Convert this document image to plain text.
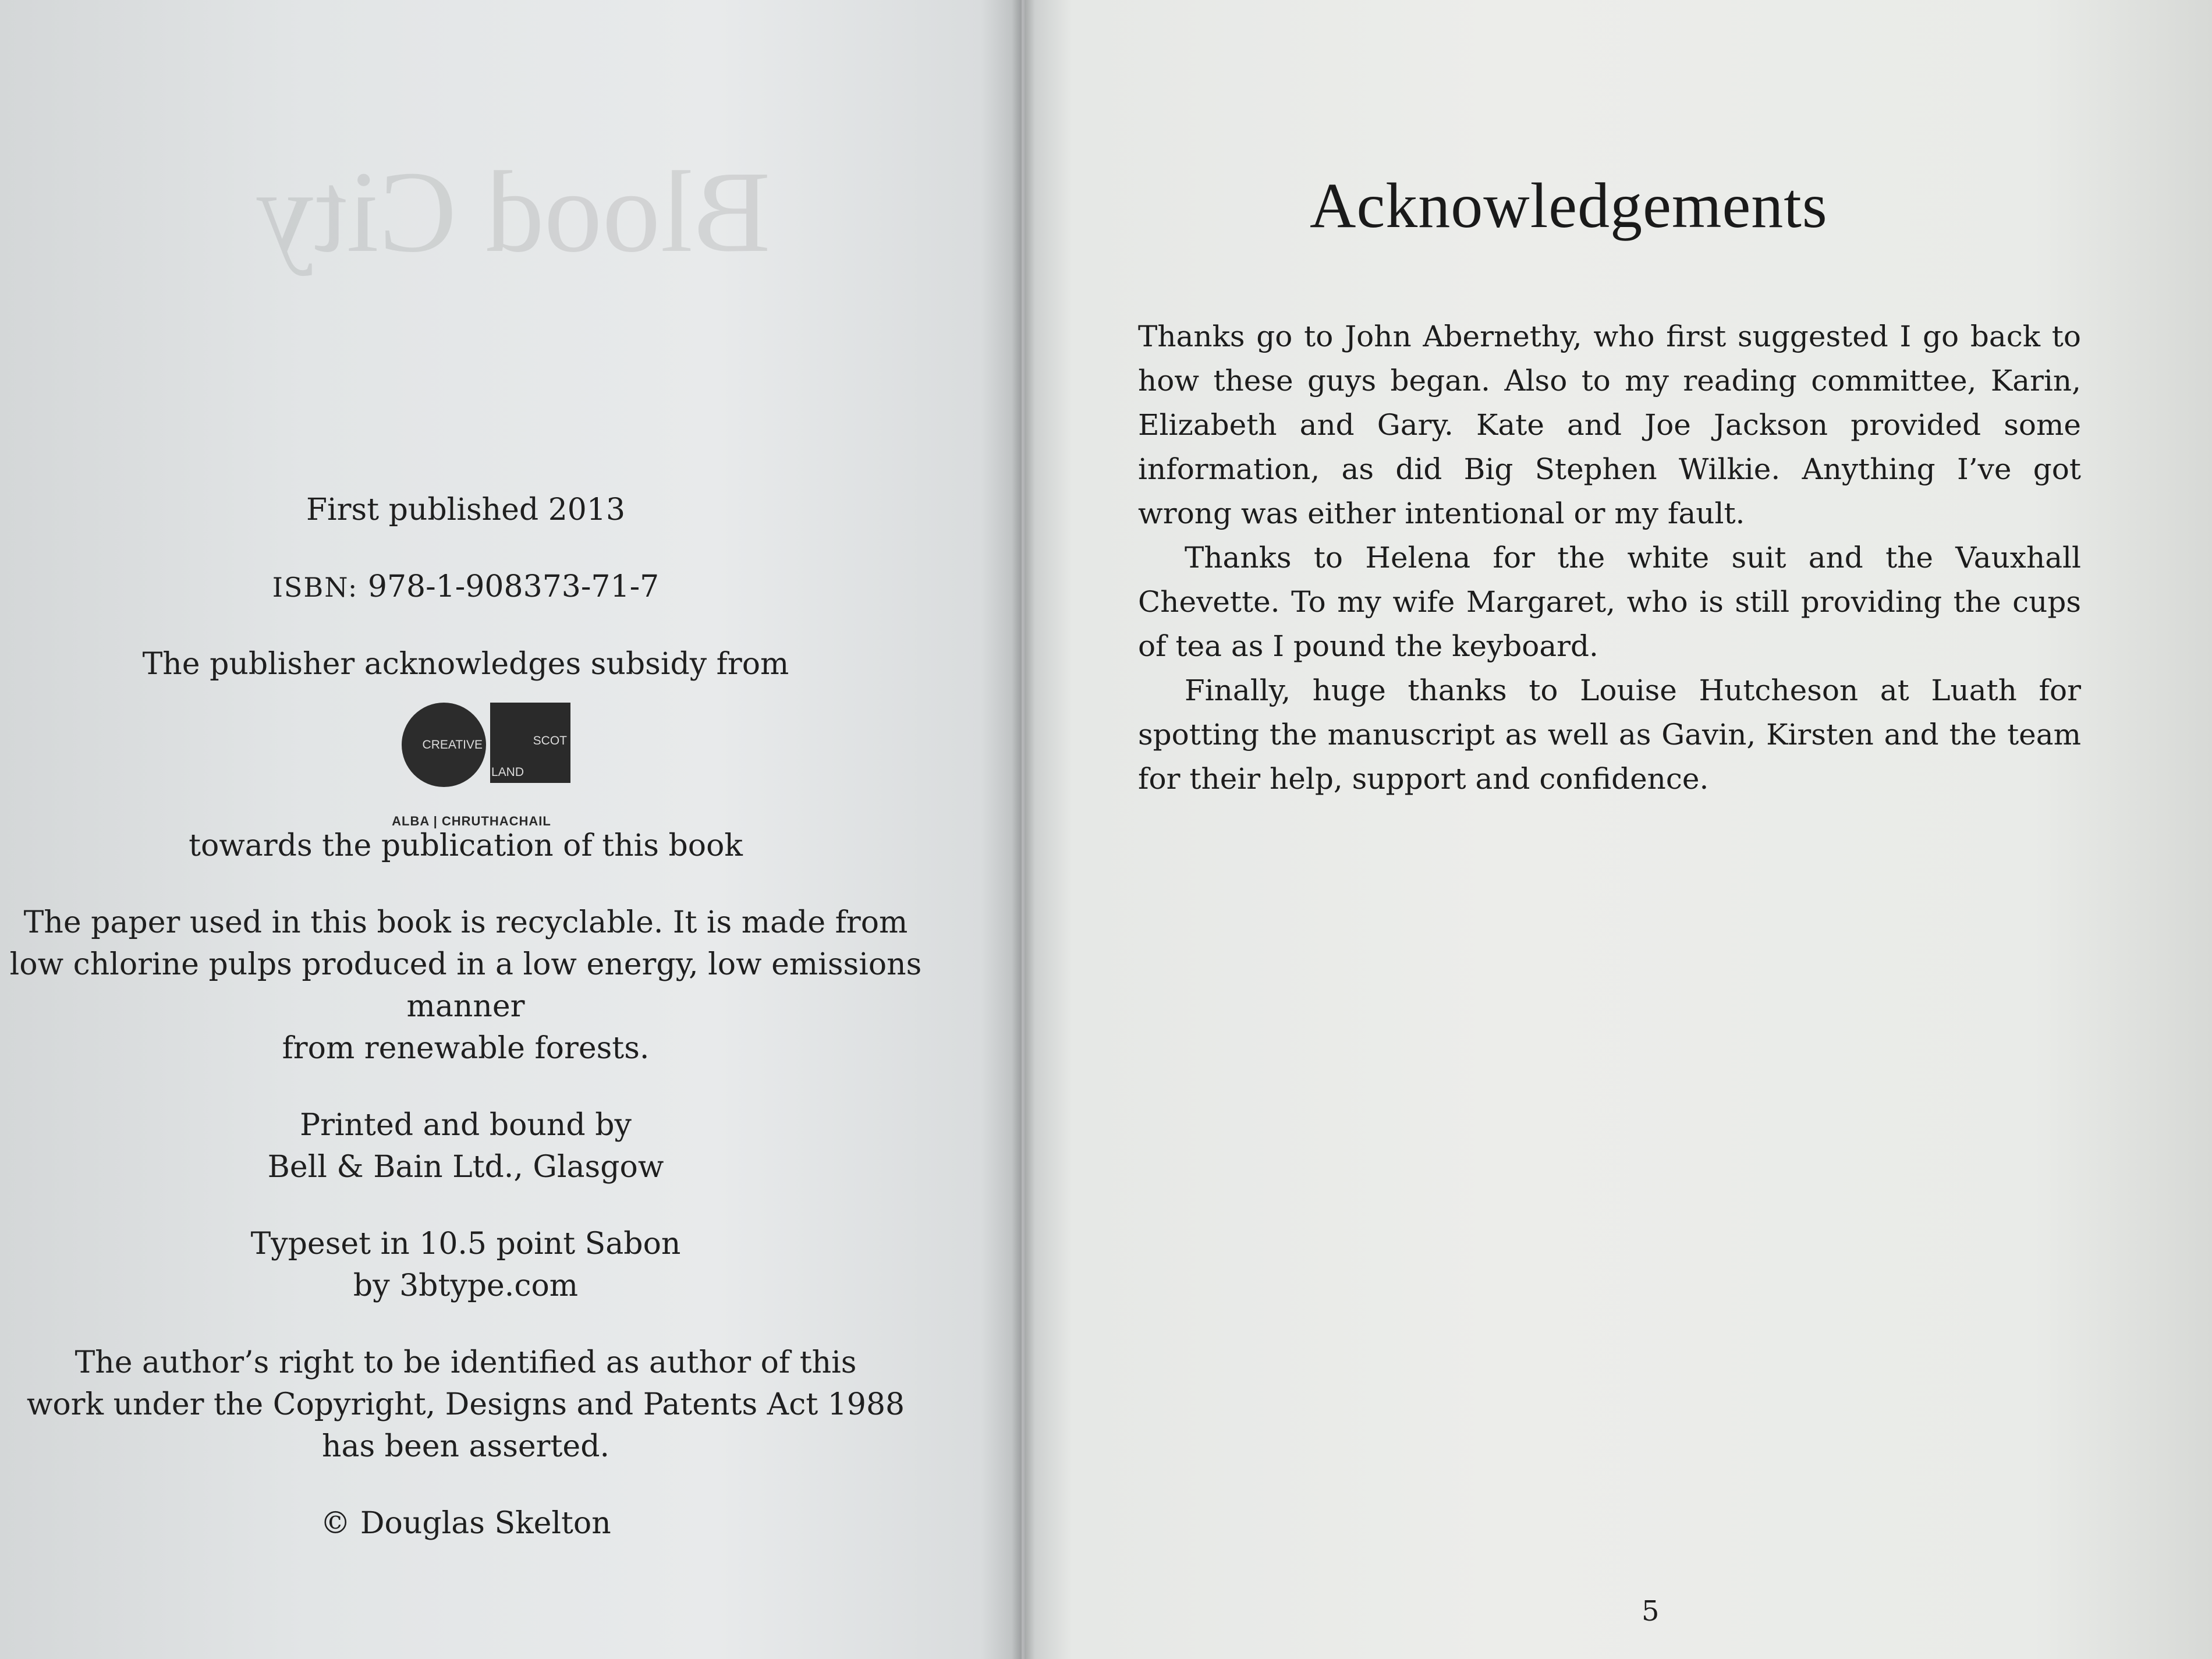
Blood City

First published 2013

ISBN: 978-1-908373-71-7

The publisher acknowledges subsidy from

CREATIVE	SCOT
LAND
ALBA | CHRUTHACHAIL

towards the publication of this book

The paper used in this book is recyclable. It is made from

low chlorine pulps produced in a low energy, low emissions manner

from renewable forests.

Printed and bound by

Bell & Bain Ltd., Glasgow

Typeset in 10.5 point Sabon

by 3btype.com

The author’s right to be identified as author of this

work under the Copyright, Designs and Patents Act 1988

has been asserted.

© Douglas Skelton

Acknowledgements

Thanks go to John Abernethy, who first suggested I go back to how these guys began. Also to my reading committee, Karin, Elizabeth and Gary. Kate and Joe Jackson provided some information, as did Big Stephen Wilkie. Anything I’ve got wrong was either intentional or my fault.

Thanks to Helena for the white suit and the Vauxhall Chevette. To my wife Margaret, who is still providing the cups of tea as I pound the keyboard.

Finally, huge thanks to Louise Hutcheson at Luath for spotting the manuscript as well as Gavin, Kirsten and the team for their help, support and confidence.

5
